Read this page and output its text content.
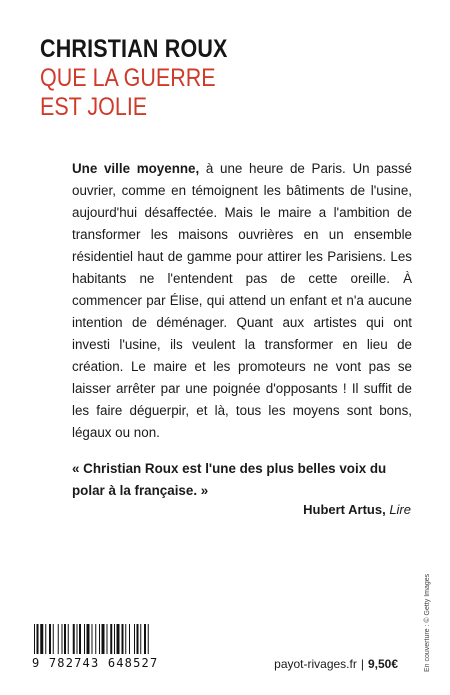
CHRISTIAN ROUX
QUE LA GUERRE
EST JOLIE

Une ville moyenne, à une heure de Paris. Un passé ouvrier, comme en témoignent les bâtiments de l'usine, aujourd'hui désaffectée. Mais le maire a l'ambition de transformer les maisons ouvrières en un ensemble résidentiel haut de gamme pour attirer les Parisiens. Les habitants ne l'entendent pas de cette oreille. À commencer par Élise, qui attend un enfant et n'a aucune intention de déménager. Quant aux artistes qui ont investi l'usine, ils veulent la transformer en lieu de création. Le maire et les promoteurs ne vont pas se laisser arrêter par une poignée d'opposants ! Il suffit de les faire déguerpir, et là, tous les moyens sont bons, légaux ou non.

« Christian Roux est l'une des plus belles voix du polar à la française. »

Hubert Artus, Lire
En couverture : © Getty Images
9 782743 648527	payot-rivages.fr | 9,50€
